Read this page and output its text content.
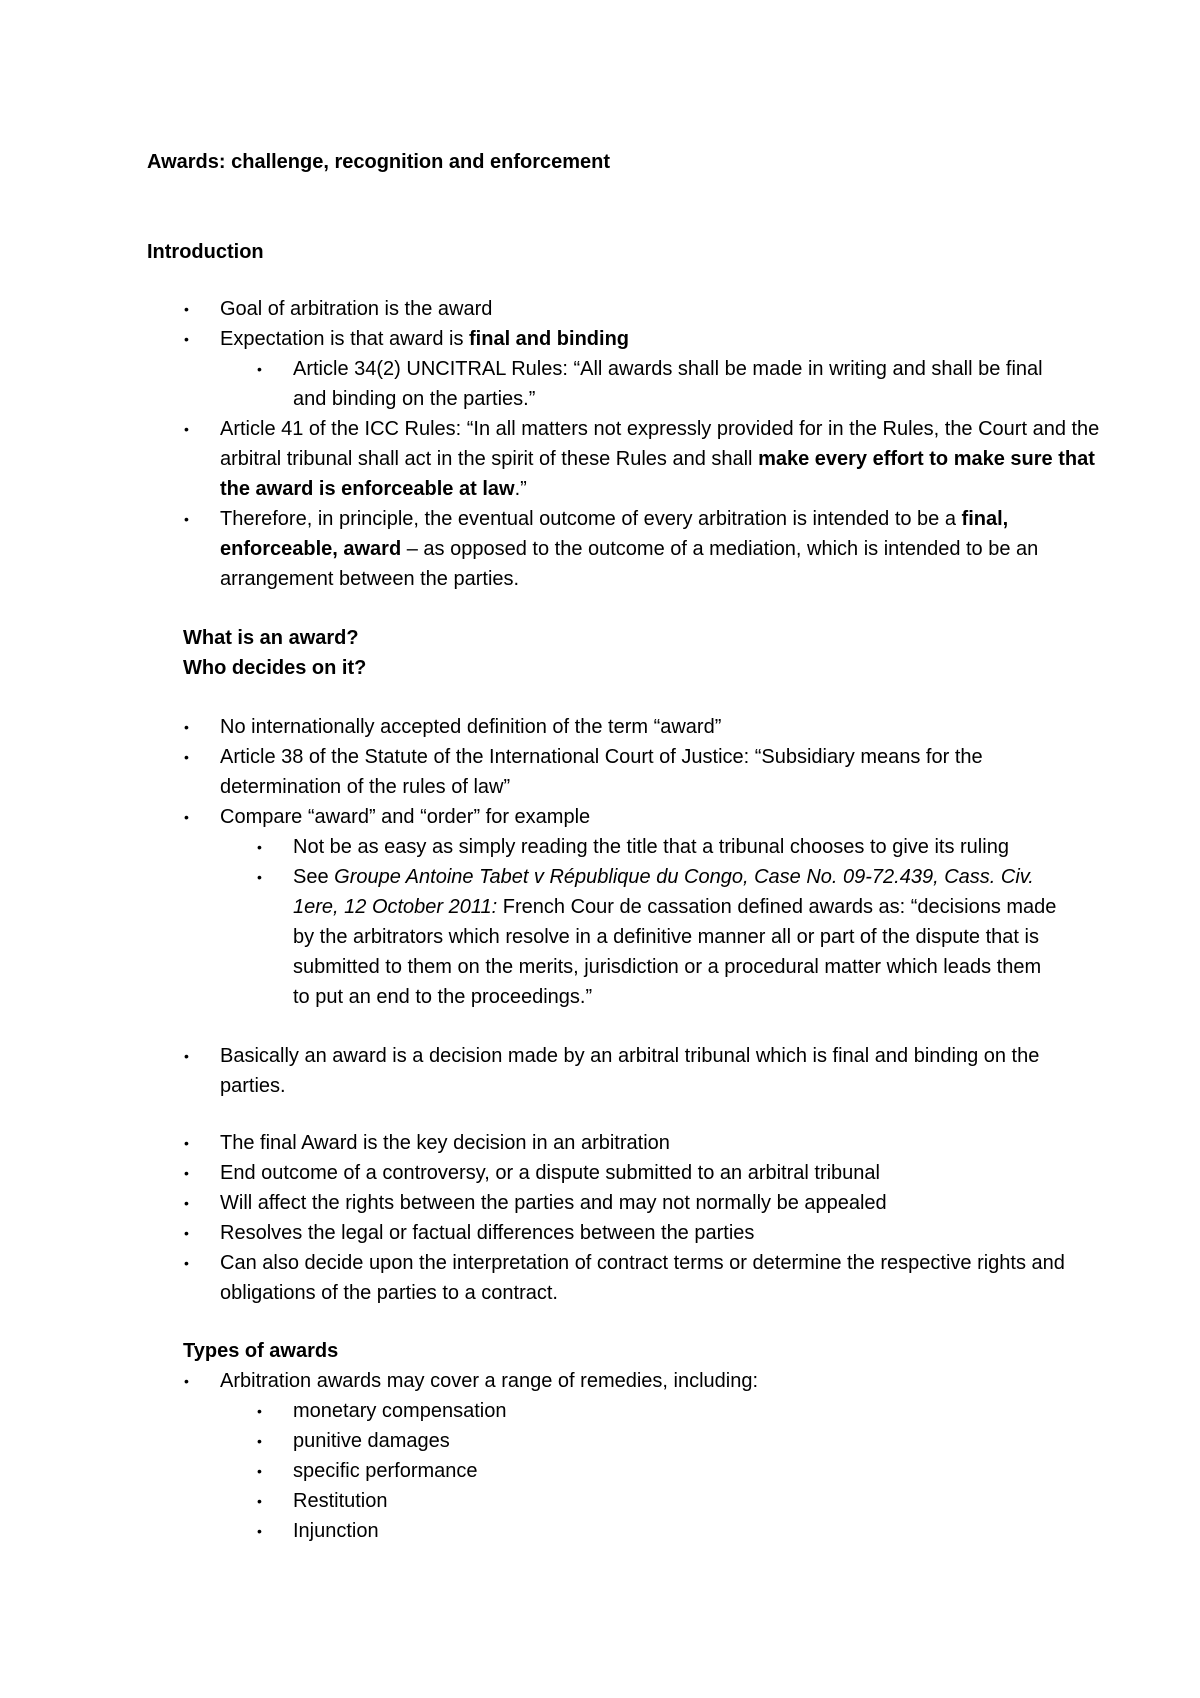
Awards: challenge, recognition and enforcement
Introduction
•	Goal of arbitration is the award
•	Expectation is that award is final and binding
•	Article 34(2) UNCITRAL Rules: “All awards shall be made in writing and shall be final and binding on the parties.”
•	Article 41 of the ICC Rules: “In all matters not expressly provided for in the Rules, the Court and the arbitral tribunal shall act in the spirit of these Rules and shall make every effort to make sure that the award is enforceable at law.”
•	Therefore, in principle, the eventual outcome of every arbitration is intended to be a final, enforceable, award – as opposed to the outcome of a mediation, which is intended to be an arrangement between the parties.
What is an award?
Who decides on it?
•	No internationally accepted definition of the term “award”
•	Article 38 of the Statute of the International Court of Justice: “Subsidiary means for the determination of the rules of law”
•	Compare “award” and “order” for example
•	Not be as easy as simply reading the title that a tribunal chooses to give its ruling
•	See Groupe Antoine Tabet v République du Congo, Case No. 09-72.439, Cass. Civ. 1ere, 12 October 2011: French Cour de cassation defined awards as: “decisions made by the arbitrators which resolve in a definitive manner all or part of the dispute that is submitted to them on the merits, jurisdiction or a procedural matter which leads them to put an end to the proceedings.”
•	Basically an award is a decision made by an arbitral tribunal which is final and binding on the parties.
•	The final Award is the key decision in an arbitration
•	End outcome of a controversy, or a dispute submitted to an arbitral tribunal
•	Will affect the rights between the parties and may not normally be appealed
•	Resolves the legal or factual differences between the parties
•	Can also decide upon the interpretation of contract terms or determine the respective rights and obligations of the parties to a contract.
Types of awards
•	Arbitration awards may cover a range of remedies, including:
•	monetary compensation
•	punitive damages
•	specific performance
•	Restitution
•	Injunction
